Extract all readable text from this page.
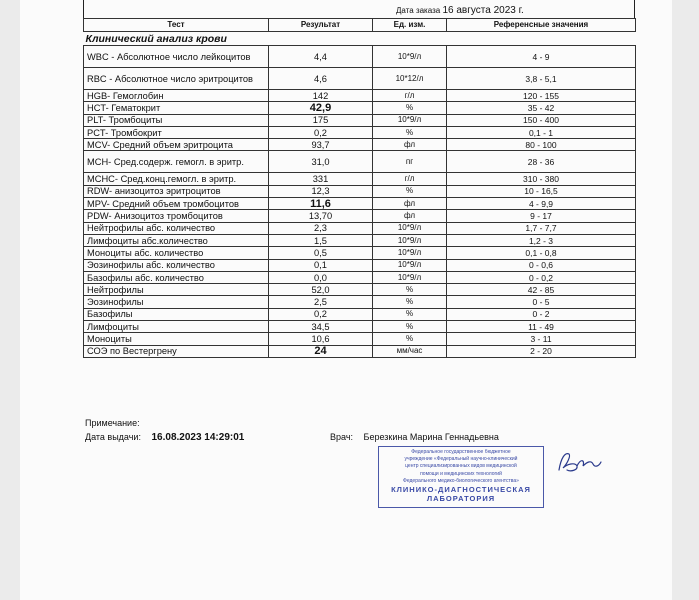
Дата заказа 16 августа 2023 г.
Тест	Результат	Ед. изм.	Референсные значения
Клинический анализ крови			
WBC - Абсолютное число лейкоцитов	4,4	10*9/л	4 - 9
RBC - Абсолютное число эритроцитов	4,6	10*12/л	3,8 - 5,1
HGB- Гемоглобин	142	г/л	120 - 155
HCT- Гематокрит	42,9	%	35 - 42
PLT- Тромбоциты	175	10*9/л	150 - 400
PCT- Тромбокрит	0,2	%	0,1 - 1
MCV- Средний объем эритроцита	93,7	фл	80 - 100
MCH- Сред.содерж. гемогл. в эритр.	31,0	пг	28 - 36
MCHC- Сред.конц.гемогл. в эритр.	331	г/л	310 - 380
RDW- анизоцитоз эритроцитов	12,3	%	10 - 16,5
MPV- Средний объем тромбоцитов	11,6	фл	4 - 9,9
PDW- Анизоцитоз тромбоцитов	13,70	фл	9 - 17
Нейтрофилы абс. количество	2,3	10*9/л	1,7 - 7,7
Лимфоциты абс.количество	1,5	10*9/л	1,2 - 3
Моноциты абс. количество	0,5	10*9/л	0,1 - 0,8
Эозинофилы абс. количество	0,1	10*9/л	0 - 0,6
Базофилы абс. количество	0,0	10*9/л	0 - 0,2
Нейтрофилы	52,0	%	42 - 85
Эозинофилы	2,5	%	0 - 5
Базофилы	0,2	%	0 - 2
Лимфоциты	34,5	%	11 - 49
Моноциты	10,6	%	3 - 11
СОЭ по Вестергрену	24	мм/час	2 - 20
Примечание:
Дата выдачи: 16.08.2023 14:29:01	Врач: Березкина Марина Геннадьевна
Федеральное государственное бюджетное
учреждение «Федеральный научно-клинический
центр специализированных видов медицинской
помощи и медицинских технологий
Федерального медико-биологического агентства»
КЛИНИКО-ДИАГНОСТИЧЕСКАЯ
ЛАБОРАТОРИЯ
